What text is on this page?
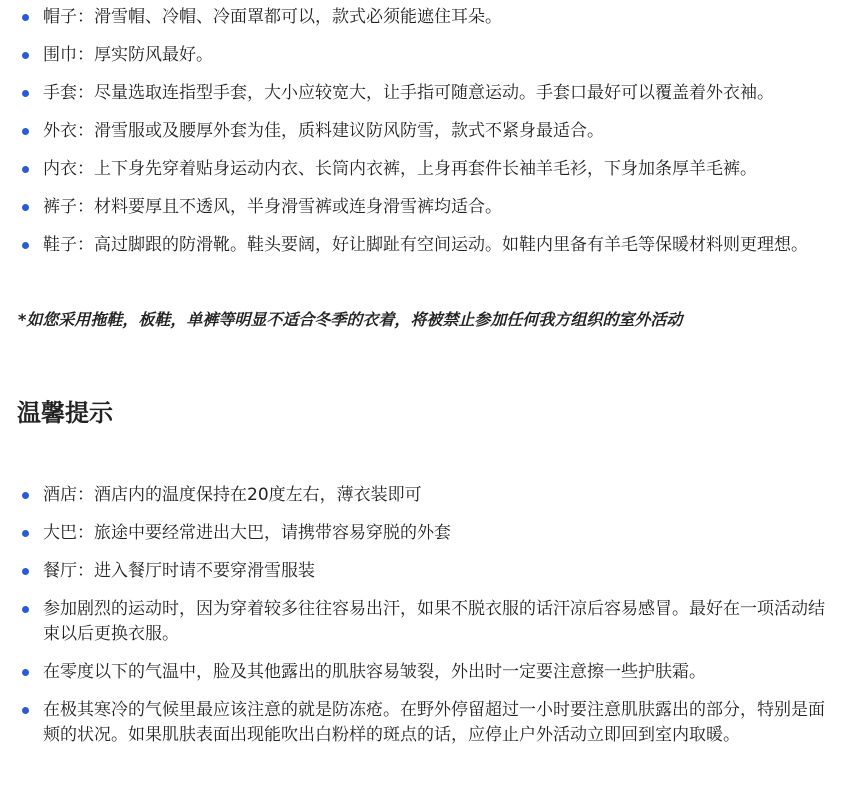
帽子：滑雪帽、冷帽、冷面罩都可以，款式必须能遮住耳朵。
围巾：厚实防风最好。
手套：尽量选取连指型手套，大小应较宽大，让手指可随意运动。手套口最好可以覆盖着外衣袖。
外衣：滑雪服或及腰厚外套为佳，质料建议防风防雪，款式不紧身最适合。
内衣：上下身先穿着贴身运动内衣、长筒内衣裤，上身再套件长袖羊毛衫，下身加条厚羊毛裤。
裤子：材料要厚且不透风，半身滑雪裤或连身滑雪裤均适合。
鞋子：高过脚跟的防滑靴。鞋头要阔，好让脚趾有空间运动。如鞋内里备有羊毛等保暖材料则更理想。
*如您采用拖鞋，板鞋，单裤等明显不适合冬季的衣着，将被禁止参加任何我方组织的室外活动
温馨提示
酒店：酒店内的温度保持在20度左右，薄衣装即可
大巴：旅途中要经常进出大巴，请携带容易穿脱的外套
餐厅：进入餐厅时请不要穿滑雪服装
参加剧烈的运动时，因为穿着较多往往容易出汗，如果不脱衣服的话汗凉后容易感冒。最好在一项活动结束以后更换衣服。
在零度以下的气温中，脸及其他露出的肌肤容易皱裂，外出时一定要注意擦一些护肤霜。
在极其寒冷的气候里最应该注意的就是防冻疮。在野外停留超过一小时要注意肌肤露出的部分，特别是面颊的状况。如果肌肤表面出现能吹出白粉样的斑点的话，应停止户外活动立即回到室内取暖。
